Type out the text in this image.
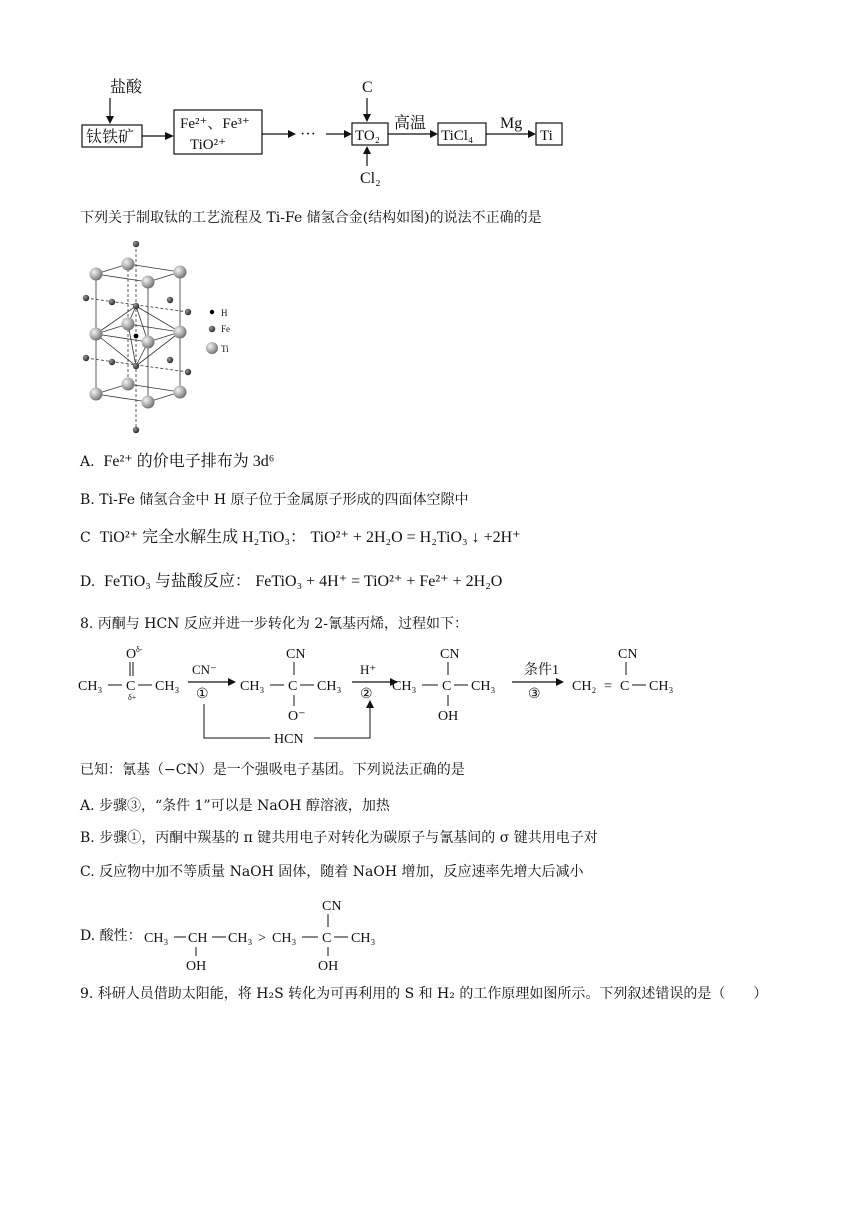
盐酸
钛铁矿
Fe²⁺、Fe³⁺
TiO²⁺
···
C
TO₂
Cl₂
高温
TiCl₄
Mg
Ti
下列关于制取钛的工艺流程及 Ti-Fe 储氢合金(结构如图)的说法不正确的是
H
Fe
Ti
A. Fe²⁺ 的价电子排布为 3d⁶
B. Ti-Fe 储氢合金中 H 原子位于金属原子形成的四面体空隙中
C TiO²⁺ 完全水解生成 H₂TiO₃： TiO²⁺ + 2H₂O = H₂TiO₃ ↓ +2H⁺
D. FeTiO₃ 与盐酸反应： FeTiO₃ + 4H⁺ = TiO²⁺ + Fe²⁺ + 2H₂O
8. 丙酮与 HCN 反应并进一步转化为 2-氰基丙烯，过程如下：
O δ-
CH₃ C
δ+
CH₃
CN⁻
①
CN
CH₃ C CH₃
O⁻
H⁺
②
CN
CH₃ C CH₃
OH
条件1
③
CN
CH₂ = C CH₃
HCN
已知：氰基（−CN）是一个强吸电子基团。下列说法正确的是
A. 步骤③，“条件 1”可以是 NaOH 醇溶液，加热
B. 步骤①，丙酮中羰基的 π 键共用电子对转化为碳原子与氰基间的 σ 键共用电子对
C. 反应物中加不等质量 NaOH 固体，随着 NaOH 增加，反应速率先增大后减小
D. 酸性： CH₃ CH
OH
CH₃ > CH₃
CN
C CH₃
OH
9. 科研人员借助太阳能，将 H₂S 转化为可再利用的 S 和 H₂ 的工作原理如图所示。下列叙述错误的是（　　）
